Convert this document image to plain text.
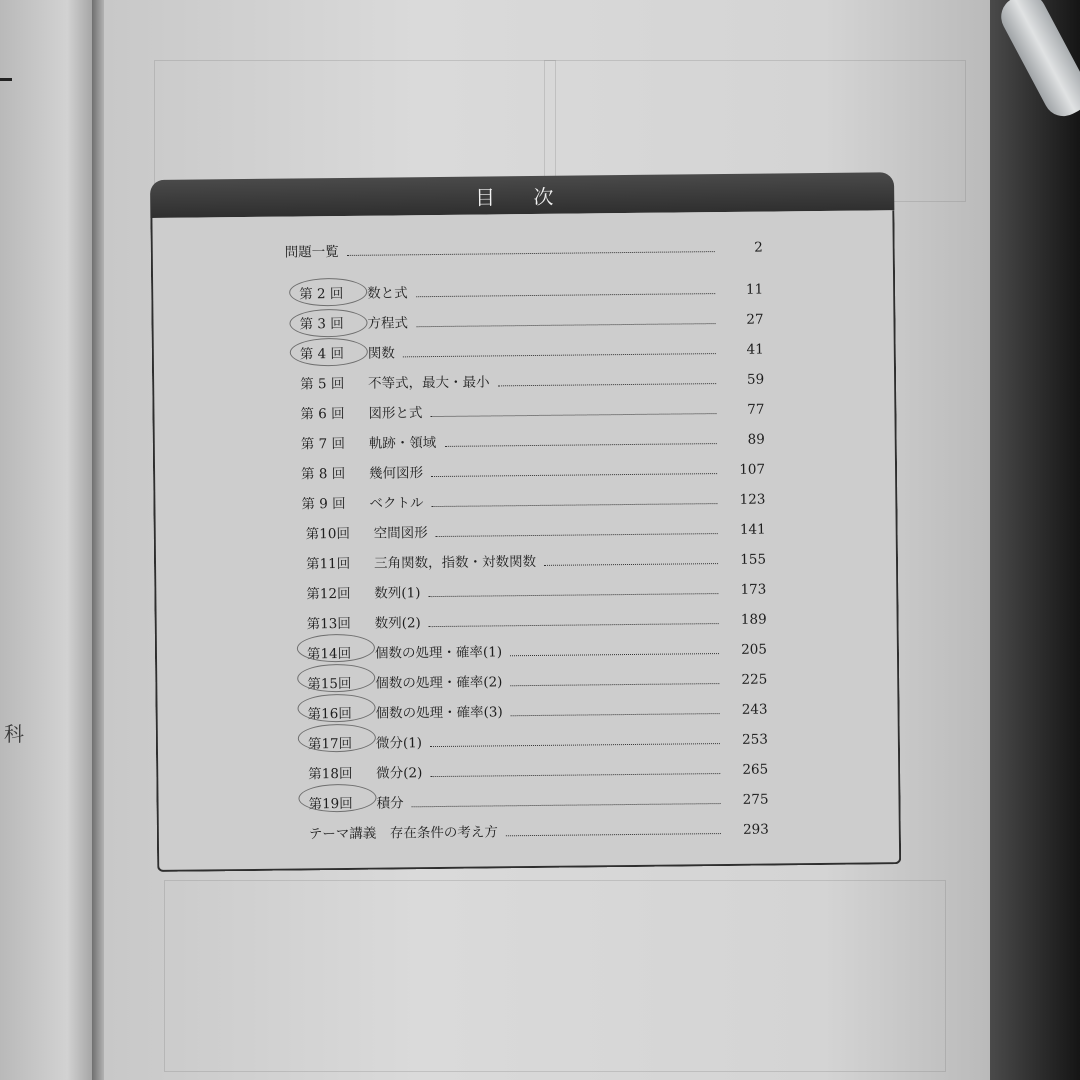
科
目 次
問題一覧	2
第 2 回	数と式	11
第 3 回	方程式	27
第 4 回	関数	41
第 5 回	不等式，最大・最小	59
第 6 回	図形と式	77
第 7 回	軌跡・領域	89
第 8 回	幾何図形	107
第 9 回	ベクトル	123
第10回	空間図形	141
第11回	三角関数，指数・対数関数	155
第12回	数列(1)	173
第13回	数列(2)	189
第14回	個数の処理・確率(1)	205
第15回	個数の処理・確率(2)	225
第16回	個数の処理・確率(3)	243
第17回	微分(1)	253
第18回	微分(2)	265
第19回	積分	275
テーマ講義　存在条件の考え方	293
